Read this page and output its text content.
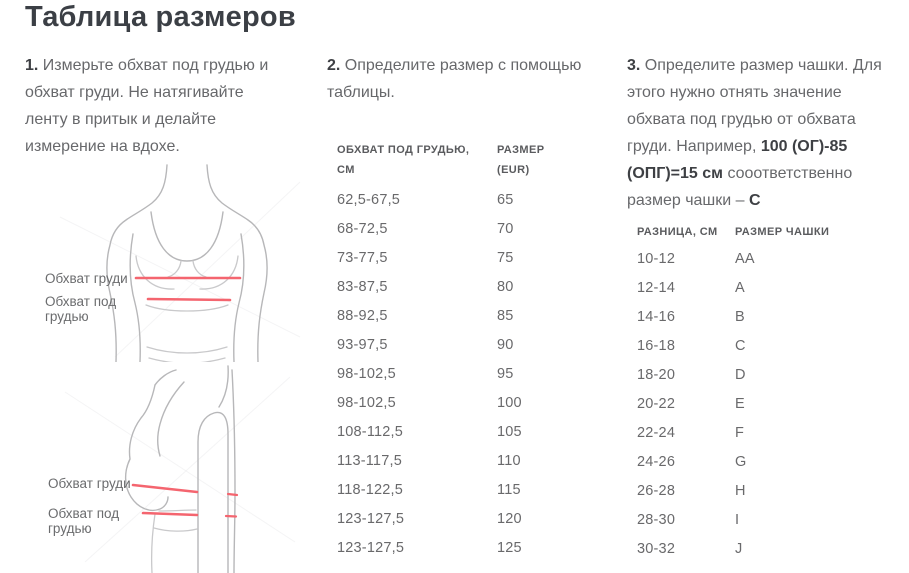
Таблица размеров

1. Измерьте обхват под грудью и обхват груди. Не натягивайте ленту в притык и делайте измерение на вдохе.

2. Определите размер с помощью таблицы.

3. Определите размер чашки. Для этого нужно отнять значение обхвата под грудью от обхвата груди. Например, 100 (ОГ)-85 (ОПГ)=15 см сооответственно размер чашки – C

Обхват груди
Обхват под грудью
Обхват груди
Обхват под грудью
ОБХВАТ ПОД ГРУДЬЮ, СМ
РАЗМЕР (EUR)
62,5-67,5	65
68-72,5	70
73-77,5	75
83-87,5	80
88-92,5	85
93-97,5	90
98-102,5	95
98-102,5	100
108-112,5	105
113-117,5	110
118-122,5	115
123-127,5	120
123-127,5	125
РАЗНИЦА, СМ	РАЗМЕР ЧАШКИ
10-12	AA
12-14	A
14-16	B
16-18	C
18-20	D
20-22	E
22-24	F
24-26	G
26-28	H
28-30	I
30-32	J
